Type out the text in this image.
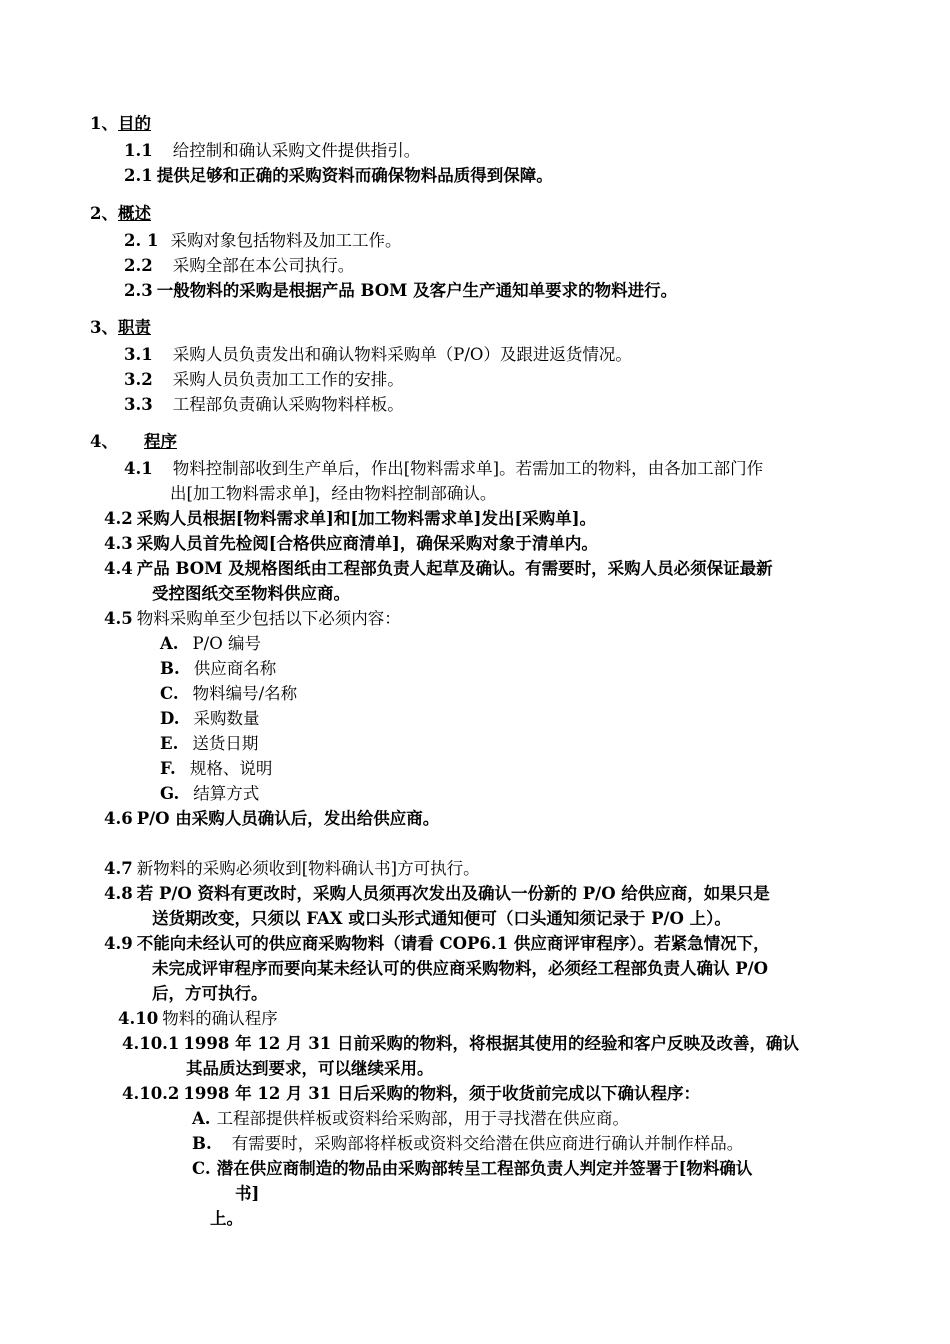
1、目的
1.1 给控制和确认采购文件提供指引。
2.1 提供足够和正确的采购资料而确保物料品质得到保障。
2、概述
2. 1 采购对象包括物料及加工工作。
2.2 采购全部在本公司执行。
2.3 一般物料的采购是根据产品 BOM 及客户生产通知单要求的物料进行。
3、职责
3.1 采购人员负责发出和确认物料采购单（P/O）及跟进返货情况。
3.2 采购人员负责加工工作的安排。
3.3 工程部负责确认采购物料样板。
4、 程序
4.1 物料控制部收到生产单后，作出[物料需求单]。若需加工的物料，由各加工部门作
出[加工物料需求单]，经由物料控制部确认。
4.2 采购人员根据[物料需求单]和[加工物料需求单]发出[采购单]。
4.3 采购人员首先检阅[合格供应商清单]，确保采购对象于清单内。
4.4 产品 BOM 及规格图纸由工程部负责人起草及确认。有需要时，采购人员必须保证最新
受控图纸交至物料供应商。
4.5 物料采购单至少包括以下必须内容：
A. P/O 编号
B. 供应商名称
C. 物料编号/名称
D. 采购数量
E. 送货日期
F. 规格、说明
G. 结算方式
4.6 P/O 由采购人员确认后，发出给供应商。
4.7 新物料的采购必须收到[物料确认书]方可执行。
4.8 若 P/O 资料有更改时，采购人员须再次发出及确认一份新的 P/O 给供应商，如果只是
送货期改变，只须以 FAX 或口头形式通知便可（口头通知须记录于 P/O 上）。
4.9 不能向未经认可的供应商采购物料（请看 COP6.1 供应商评审程序）。若紧急情况下，
未完成评审程序而要向某未经认可的供应商采购物料，必须经工程部负责人确认 P/O
后，方可执行。
4.10 物料的确认程序
4.10.1 1998 年 12 月 31 日前采购的物料，将根据其使用的经验和客户反映及改善，确认
其品质达到要求，可以继续采用。
4.10.2 1998 年 12 月 31 日后采购的物料，须于收货前完成以下确认程序：
A. 工程部提供样板或资料给采购部，用于寻找潜在供应商。
B. 有需要时，采购部将样板或资料交给潜在供应商进行确认并制作样品。
C. 潜在供应商制造的物品由采购部转呈工程部负责人判定并签署于[物料确认
书]
上。
